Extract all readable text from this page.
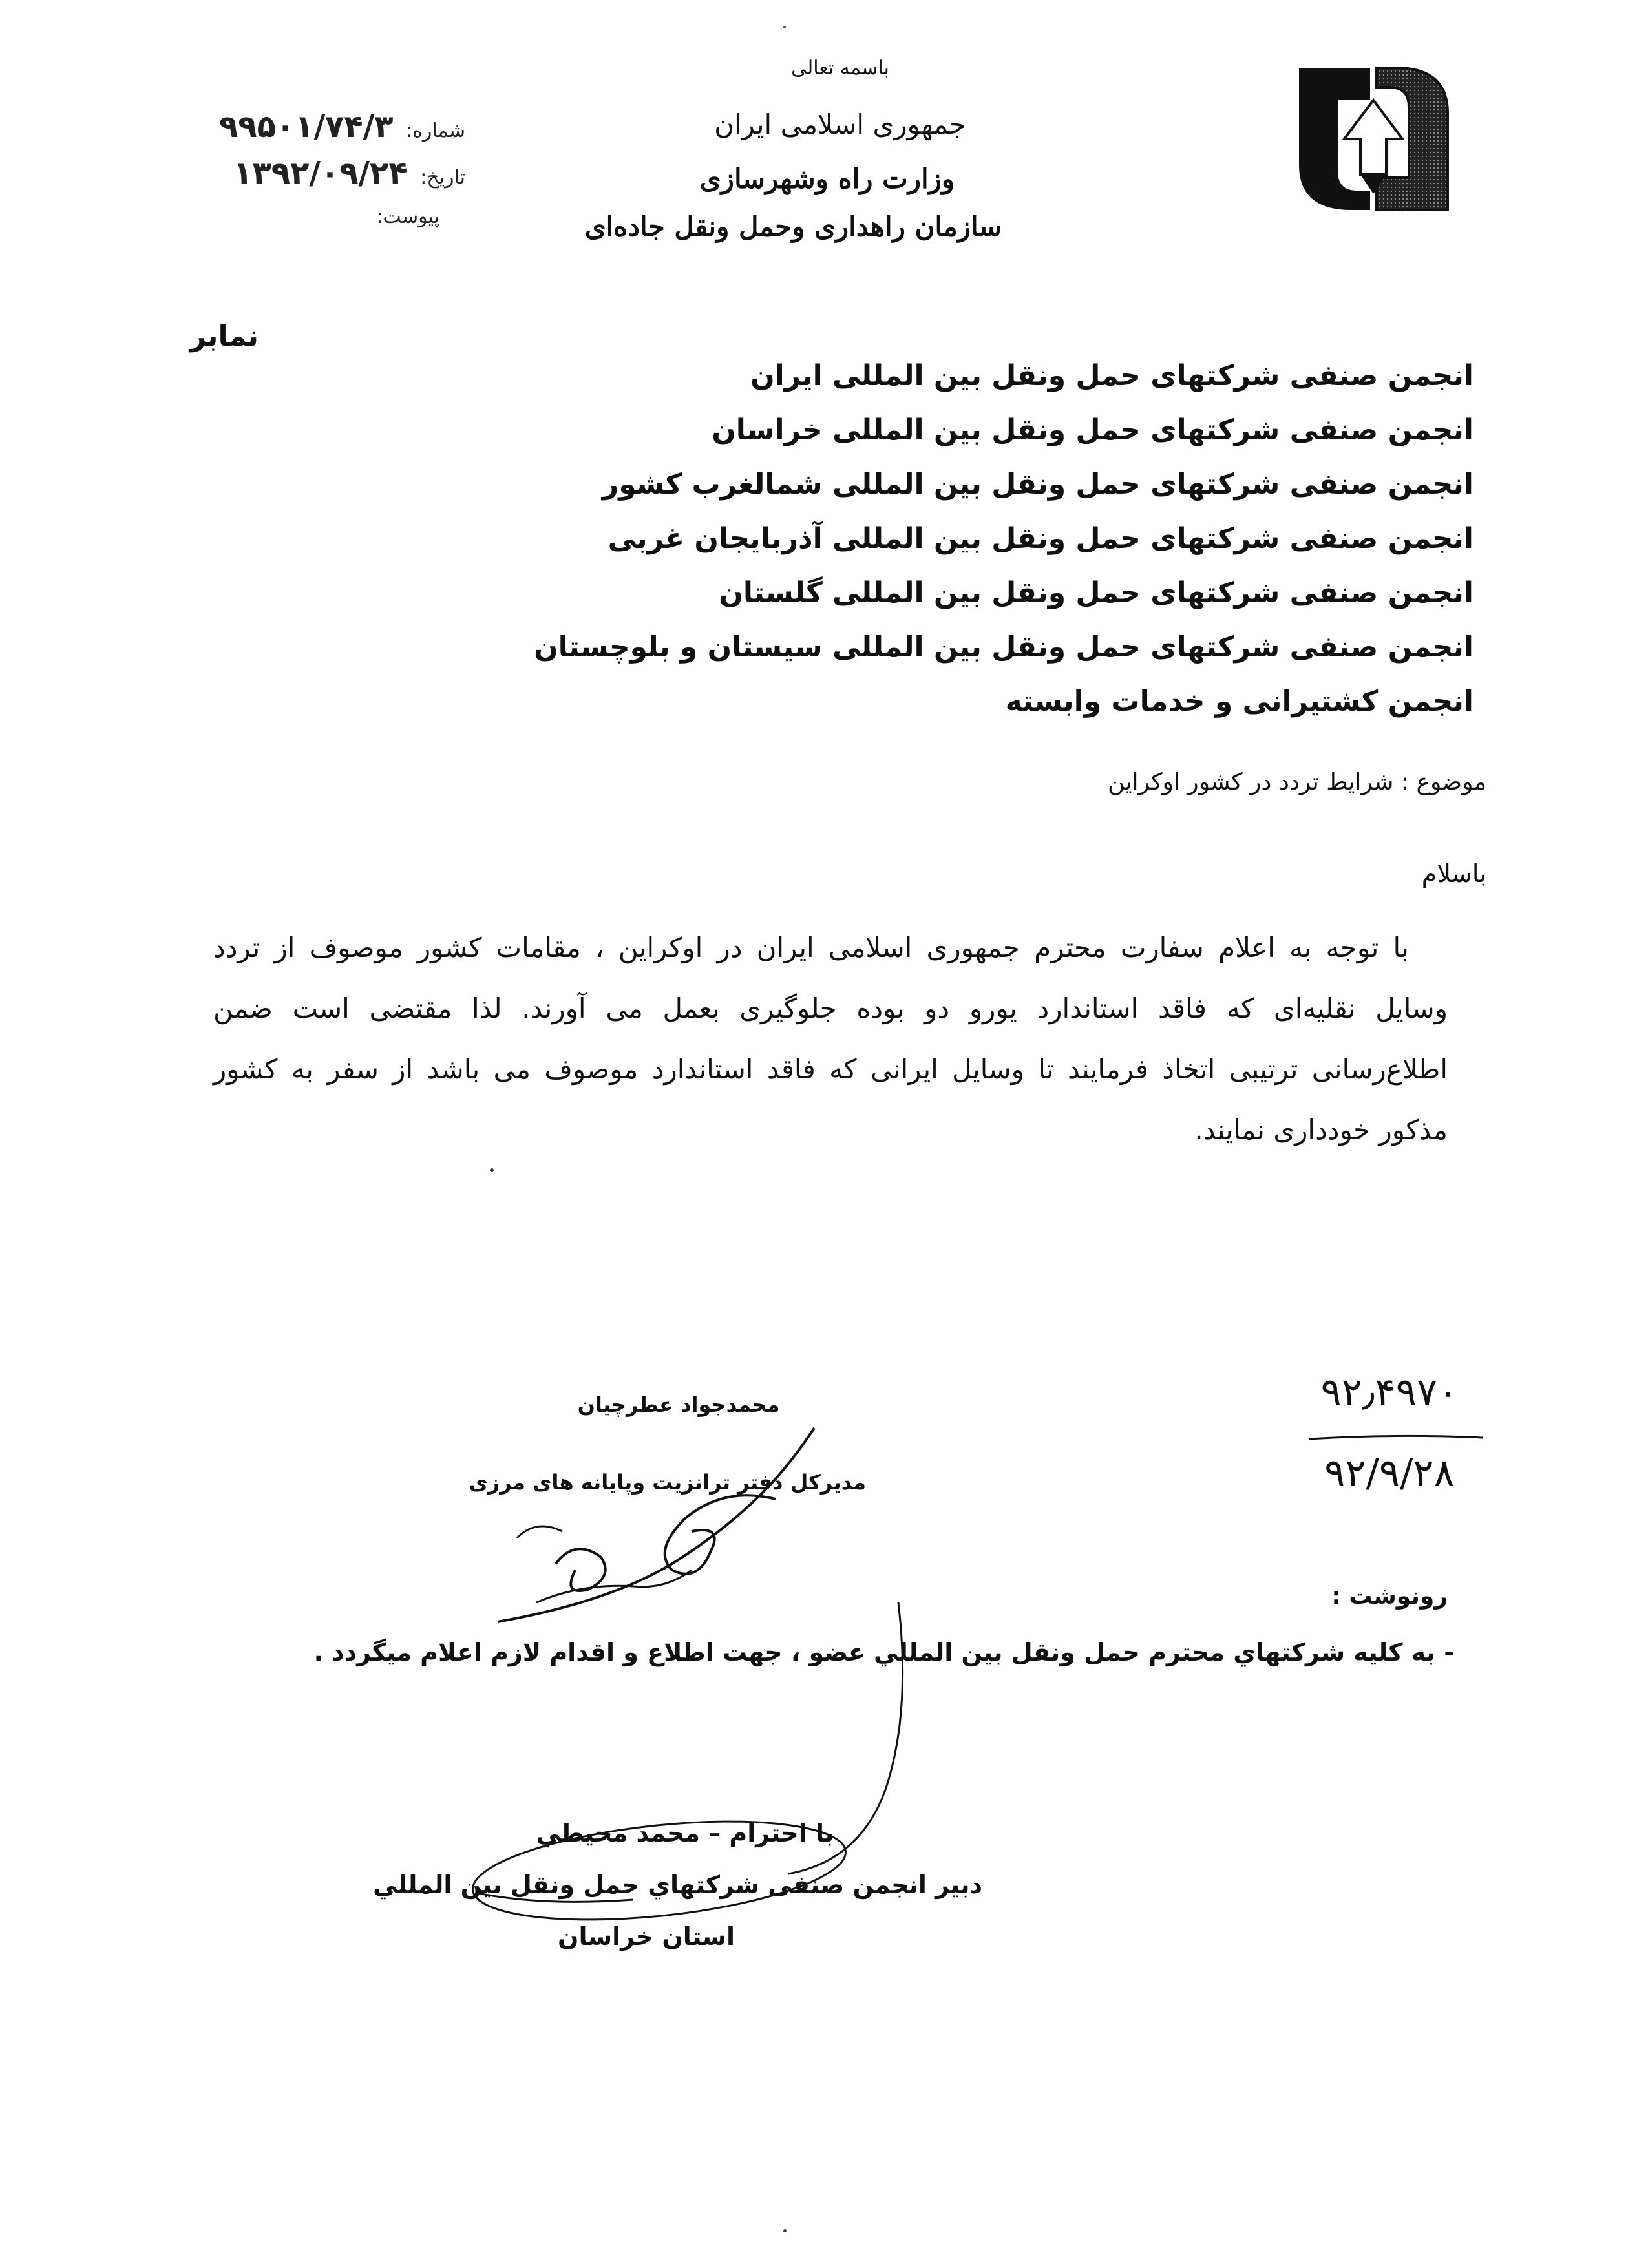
باسمه تعالی
جمهوری اسلامی ایران
وزارت راه وشهرسازی
سازمان راهداری وحمل ونقل جاده‌ای
شماره: ۹۹۵۰۱/۷۴/۳
تاریخ: ۱۳۹۲/۰۹/۲۴
پیوست:
نمابر
انجمن صنفی شرکتهای حمل ونقل بین المللی ایران
انجمن صنفی شرکتهای حمل ونقل بین المللی خراسان
انجمن صنفی شرکتهای حمل ونقل بین المللی شمالغرب کشور
انجمن صنفی شرکتهای حمل ونقل بین المللی آذربایجان غربی
انجمن صنفی شرکتهای حمل ونقل بین المللی گلستان
انجمن صنفی شرکتهای حمل ونقل بین المللی سیستان و بلوچستان
انجمن کشتیرانی و خدمات وابسته
موضوع : شرایط تردد در کشور اوکراین
باسلام
با توجه به اعلام سفارت محترم جمهوری اسلامی ایران در اوکراین ، مقامات کشور موصوف از تردد
وسایل نقلیه‌ای که فاقد استاندارد یورو دو بوده جلوگیری بعمل می آورند. لذا مقتضی است ضمن
اطلاع‌رسانی ترتیبی اتخاذ فرمایند تا وسایل ایرانی که فاقد استاندارد موصوف می باشد از سفر به کشور
مذکور خودداری نمایند.
محمدجواد عطرچیان
مدیرکل دفتر ترانزیت وپایانه های مرزی
۹۲٫۴۹۷۰
۹۲/۹/۲۸
رونوشت :
- به کلیه شرکتهاي محترم حمل ونقل بین المللي عضو ، جهت اطلاع و اقدام لازم اعلام میگردد .
با احترام – محمد محیطي
دبیر انجمن صنفی شرکتهاي حمل ونقل بین المللي
استان خراسان
